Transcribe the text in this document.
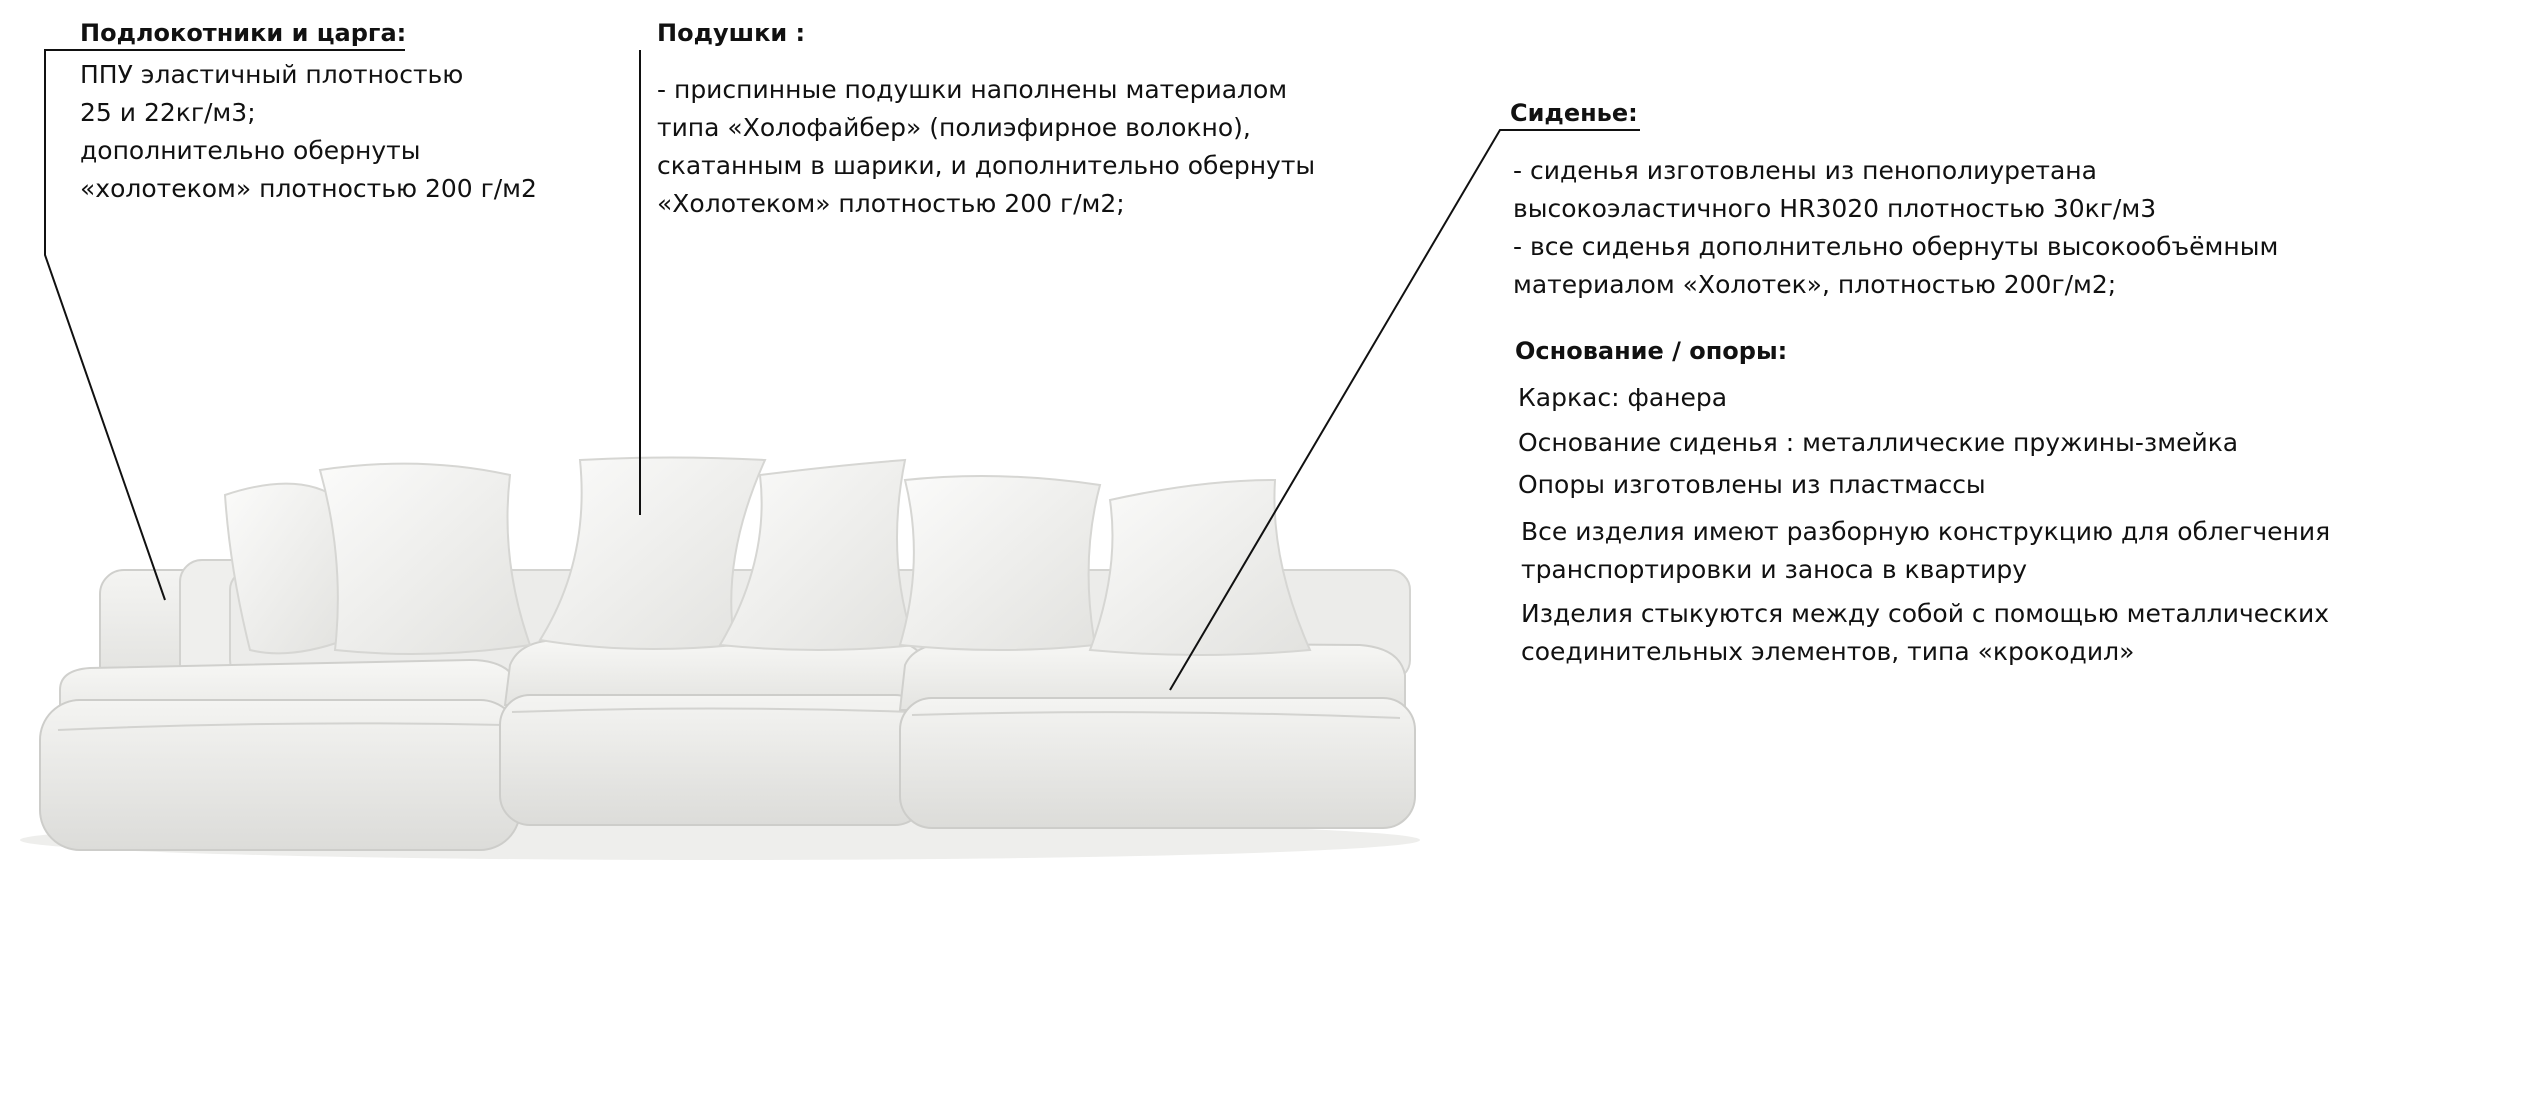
Подлокотники и царга:
ППУ эластичный плотностью
25 и 22кг/м3;
дополнительно обернуты
«холотеком» плотностью 200 г/м2
Подушки :
- приспинные подушки наполнены материалом
типа «Холофайбер» (полиэфирное волокно),
скатанным в шарики, и дополнительно обернуты
«Холотеком» плотностью 200 г/м2;
Сиденье:
- сиденья изготовлены из пенополиуретана
высокоэластичного HR3020 плотностью 30кг/м3
- все сиденья дополнительно обернуты высокообъёмным
материалом «Холотек», плотностью 200г/м2;
Основание / опоры:
Каркас: фанера
Основание сиденья : металлические пружины-змейка
Опоры изготовлены из пластмассы
Все изделия имеют разборную конструкцию для облегчения
транспортировки и заноса в квартиру
Изделия стыкуются между собой с помощью металлических
соединительных элементов, типа «крокодил»
